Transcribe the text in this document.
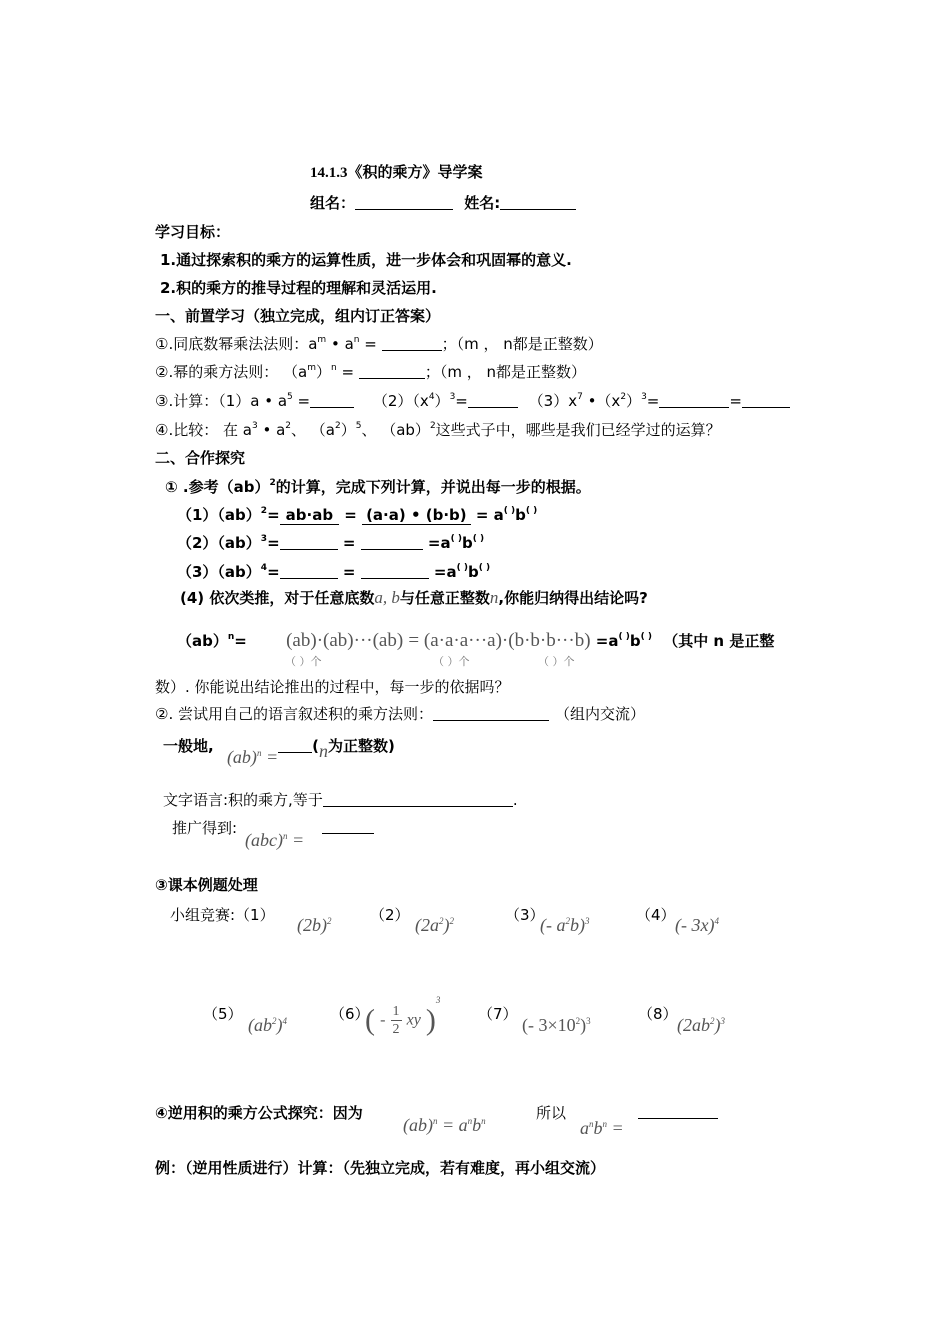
14.1.3《积的乘方》导学案
组名：	姓名:
学习目标：
1.通过探索积的乘方的运算性质，进一步体会和巩固幂的意义.
2.积的乘方的推导过程的理解和灵活运用.
一、前置学习（独立完成，组内订正答案）
①.同底数幂乘法法则：$a^m$ • $a^n$ =	；（m ， n都是正整数）
②.幂的乘方法则： $(a^m)^n$ =	；（m ， n都是正整数）
③.计算：（1）a • $a^5$ =	$(2)(x^4)^3=$	$(3)x^7$ $•(x^2)^3=$	=
④.比较： 在 $a^3$ • $a^2$、 $(a^2)^5$、 （ab）$^2$这些式子中，哪些是我们已经学过的运算？
二、合作探究
① .参考（ab）$^2$的计算，完成下列计算，并说出每一步的根据。
（1）（ab）$^2$= ab·ab = (a·a) • (b·b) = a( )b( )
（2）（ab）$^3$=	=	=a( )b( )
（3）（ab）$^4$=	=	=a( )b( )
(4) 依次类推，对于任意底数a, b与任意正整数n,你能归纳得出结论吗?
（ab）$^n$= (ab)·(ab)···(ab) = (a·a·a···a)·(b·b·b···b) =a( )b( ) （其中 n 是正整
（ ）个	（ ）个	（ ）个
数）. 你能说出结论推出的过程中，每一步的依据吗？
②. 尝试用自己的语言叙述积的乘方法则：	（组内交流）
一般地, (ab)$^n$ =(n为正整数)
文字语言:积的乘方,等于	.
推广得到:
(abc)$^n$ =
③课本例题处理
小组竞赛:（1） $(2b)^2$	（2） $(2a^2)^2$	（3）
(- $a^2b)^3$	（4） (- 3x)$^4$
（5）
$(ab^2)^4$	（6）
( - $\frac{1}{2}$ xy )$^3$
（7）
(- $3\times 10^2)^3$	（8）
$(2ab^2)^3$
④逆用积的乘方公式探究：因为
$(ab)^n = a^nb^n$	所以
$a^nb^n$ =
例：（逆用性质进行）计算：（先独立完成，若有难度，再小组交流）
